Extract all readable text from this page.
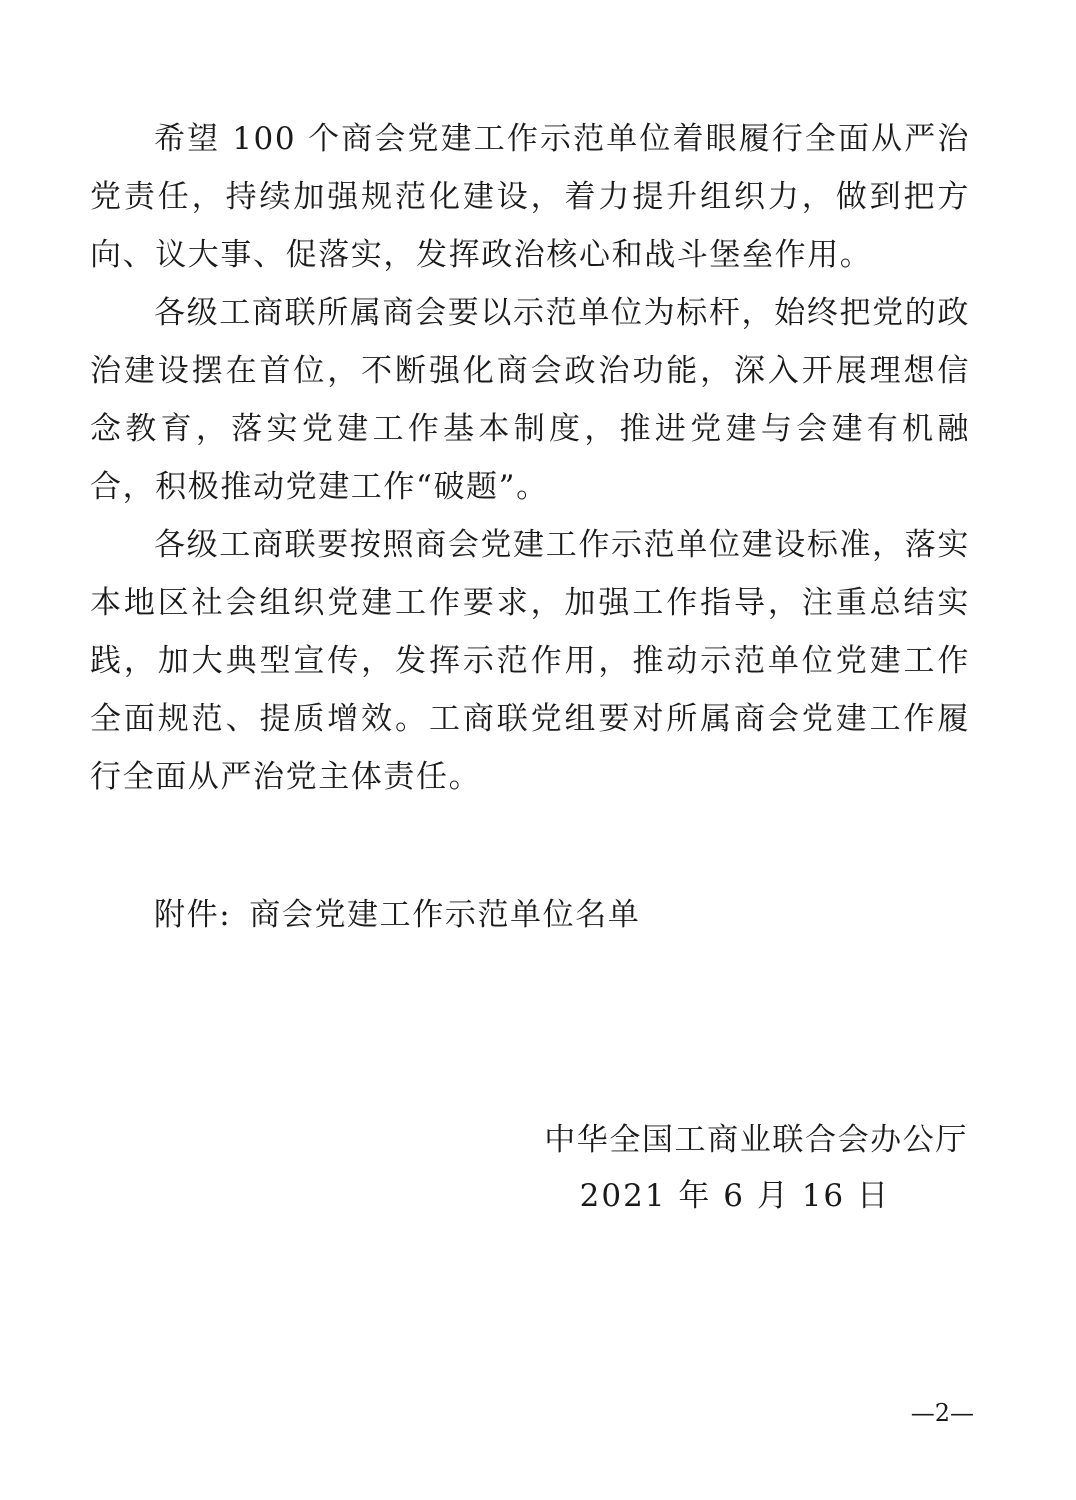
希望 100 个商会党建工作示范单位着眼履行全面从严治党责任，持续加强规范化建设，着力提升组织力，做到把方向、议大事、促落实，发挥政治核心和战斗堡垒作用。

各级工商联所属商会要以示范单位为标杆，始终把党的政治建设摆在首位，不断强化商会政治功能，深入开展理想信念教育，落实党建工作基本制度，推进党建与会建有机融合，积极推动党建工作“破题”。

各级工商联要按照商会党建工作示范单位建设标准，落实本地区社会组织党建工作要求，加强工作指导，注重总结实践，加大典型宣传，发挥示范作用，推动示范单位党建工作全面规范、提质增效。工商联党组要对所属商会党建工作履行全面从严治党主体责任。

附件: 商会党建工作示范单位名单
中华全国工商业联合会办公厅
2021 年 6 月 16 日
—2—
